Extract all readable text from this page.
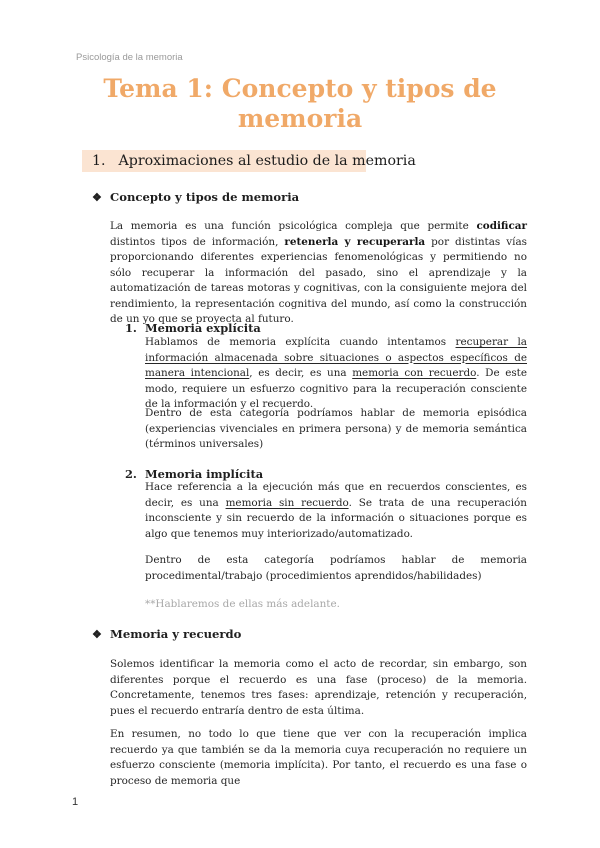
Psicología de la memoria
Tema 1: Concepto y tipos de
memoria
1. Aproximaciones al estudio de la memoria
❖ Concepto y tipos de memoria

La memoria es una función psicológica compleja que permite codificar distintos tipos de información, retenerla y recuperarla por distintas vías proporcionando diferentes experiencias fenomenológicas y permitiendo no sólo recuperar la información del pasado, sino el aprendizaje y la automatización de tareas motoras y cognitivas, con la consiguiente mejora del rendimiento, la representación cognitiva del mundo, así como la construcción de un yo que se proyecta al futuro.

1. Memoria explícita

Hablamos de memoria explícita cuando intentamos recuperar la información almacenada sobre situaciones o aspectos específicos de manera intencional, es decir, es una memoria con recuerdo. De este modo, requiere un esfuerzo cognitivo para la recuperación consciente de la información y el recuerdo.

Dentro de esta categoría podríamos hablar de memoria episódica (experiencias vivenciales en primera persona) y de memoria semántica (términos universales)

2. Memoria implícita

Hace referencia a la ejecución más que en recuerdos conscientes, es decir, es una memoria sin recuerdo. Se trata de una recuperación inconsciente y sin recuerdo de la información o situaciones porque es algo que tenemos muy interiorizado/automatizado.

Dentro de esta categoría podríamos hablar de memoria procedimental/trabajo (procedimientos aprendidos/habilidades)

**Hablaremos de ellas más adelante.

❖ Memoria y recuerdo

Solemos identificar la memoria como el acto de recordar, sin embargo, son diferentes porque el recuerdo es una fase (proceso) de la memoria. Concretamente, tenemos tres fases: aprendizaje, retención y recuperación, pues el recuerdo entraría dentro de esta última.

En resumen, no todo lo que tiene que ver con la recuperación implica recuerdo ya que también se da la memoria cuya recuperación no requiere un esfuerzo consciente (memoria implícita). Por tanto, el recuerdo es una fase o proceso de memoria que

1
